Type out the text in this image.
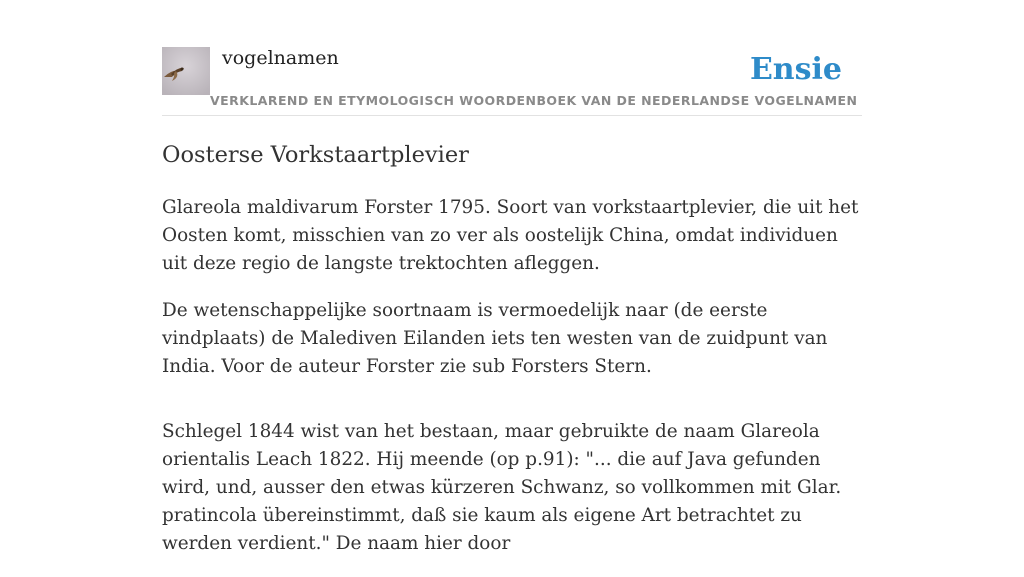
vogelnamen	Ensie
VERKLAREND EN ETYMOLOGISCH WOORDENBOEK VAN DE NEDERLANDSE VOGELNAMEN
Oosterse Vorkstaartplevier

Glareola maldivarum Forster 1795. Soort van vorkstaartplevier, die uit het Oosten komt, misschien van zo ver als oostelijk China, omdat individuen uit deze regio de langste trektochten afleggen.

De wetenschappelijke soortnaam is vermoedelijk naar (de eerste vindplaats) de Malediven Eilanden iets ten westen van de zuidpunt van India. Voor de auteur Forster zie sub Forsters Stern.

Schlegel 1844 wist van het bestaan, maar gebruikte de naam Glareola orientalis Leach 1822. Hij meende (op p.91): "... die auf Java gefunden wird, und, ausser den etwas kürzeren Schwanz, so vollkommen mit Glar. pratincola übereinstimmt, daß sie kaum als eigene Art betrachtet zu werden verdient." De naam hier door
